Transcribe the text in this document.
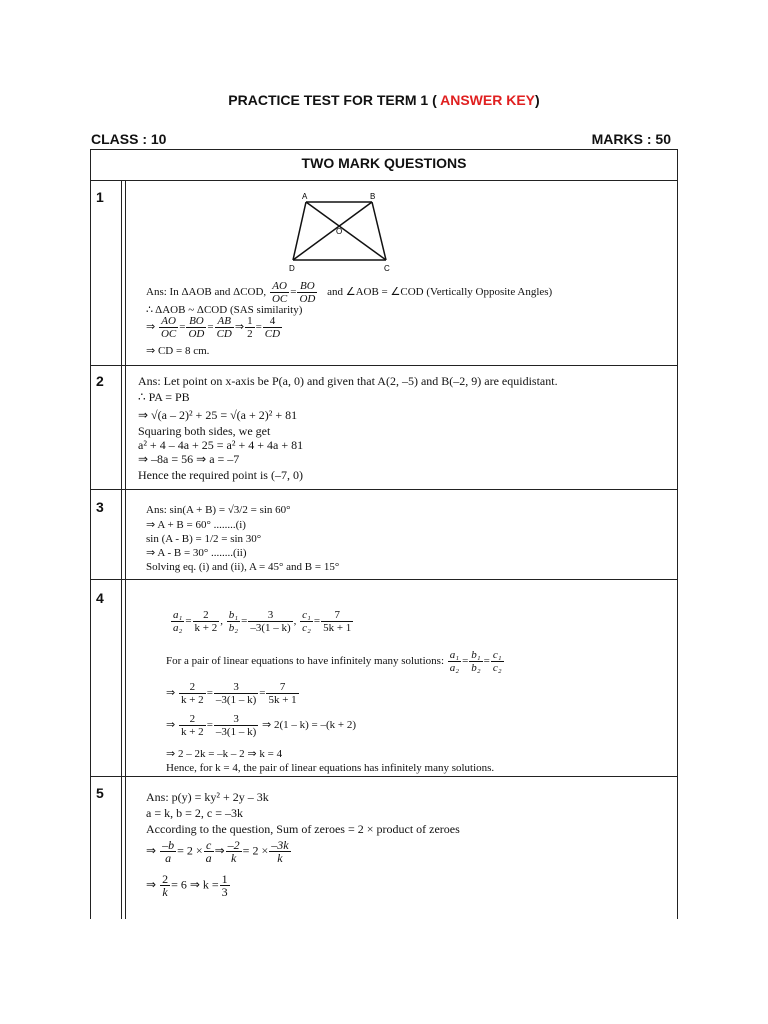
PRACTICE TEST FOR TERM 1 ( ANSWER KEY)
CLASS : 10	MARKS : 50
TWO MARK QUESTIONS
1	A	B
O
D	C
Ans: In ΔAOB and ΔCOD, $\frac{AO}{OC} = \frac{BO}{OD}$ and ∠AOB = ∠COD (Vertically Opposite Angles)
∴ ΔAOB ~ ΔCOD (SAS similarity)
⇒ $\frac{AO}{OC} = \frac{BO}{OD} = \frac{AB}{CD}$ ⇒ $\frac{1}{2} = \frac{4}{CD}$
⇒ CD = 8 cm.
2	Ans: Let point on x-axis be P(a, 0) and given that A(2, –5) and B(–2, 9) are equidistant.
∴ PA = PB
⇒ √(a – 2)² + 25 = √(a + 2)² + 81
Squaring both sides, we get
a² + 4 – 4a + 25 = a² + 4 + 4a + 81
⇒ –8a = 56 ⇒ a = –7
Hence the required point is (–7, 0)
3	Ans: sin(A + B) = √3/2 = sin 60°
⇒ A + B = 60° ........(i)
sin (A - B) = 1/2 = sin 30°
⇒ A - B = 30° ........(ii)
Solving eq. (i) and (ii), A = 45° and B = 15°
4
$\frac{\text{a₁}}{\text{a₂}} = \frac{2}{k + 2}$ , $\frac{\text{b₁}}{\text{b₂}} = \frac{3}{-3(1 - k)}$ , $\frac{\text{c₁}}{\text{c₂}} = \frac{7}{5k + 1}$
For a pair of linear equations to have infinitely many solutions: $\frac{\text{a₁}}{\text{a₂}} = \frac{\text{b₁}}{\text{b₂}} = \frac{\text{c₁}}{\text{c₂}}$
⇒ $\frac{2}{k + 2} = \frac{3}{-3(1 - k)} = \frac{7}{5k + 1}$
⇒ $\frac{2}{k + 2} = \frac{3}{-3(1 - k)}$ ⇒ 2(1 – k) = –(k + 2)
⇒ 2 – 2k = –k – 2 ⇒ k = 4
Hence, for k = 4, the pair of linear equations has infinitely many solutions.
5	Ans: p(y) = ky² + 2y – 3k
a = k, b = 2, c = –3k
According to the question, Sum of zeroes = 2 × product of zeroes
⇒ $\frac{-b}{a} = 2 \times \frac{c}{a}$ ⇒ $\frac{-2}{k} = 2 \times \frac{-3k}{k}$
⇒ $\frac{2}{k} = 6$ ⇒ $k = \frac{1}{3}$
